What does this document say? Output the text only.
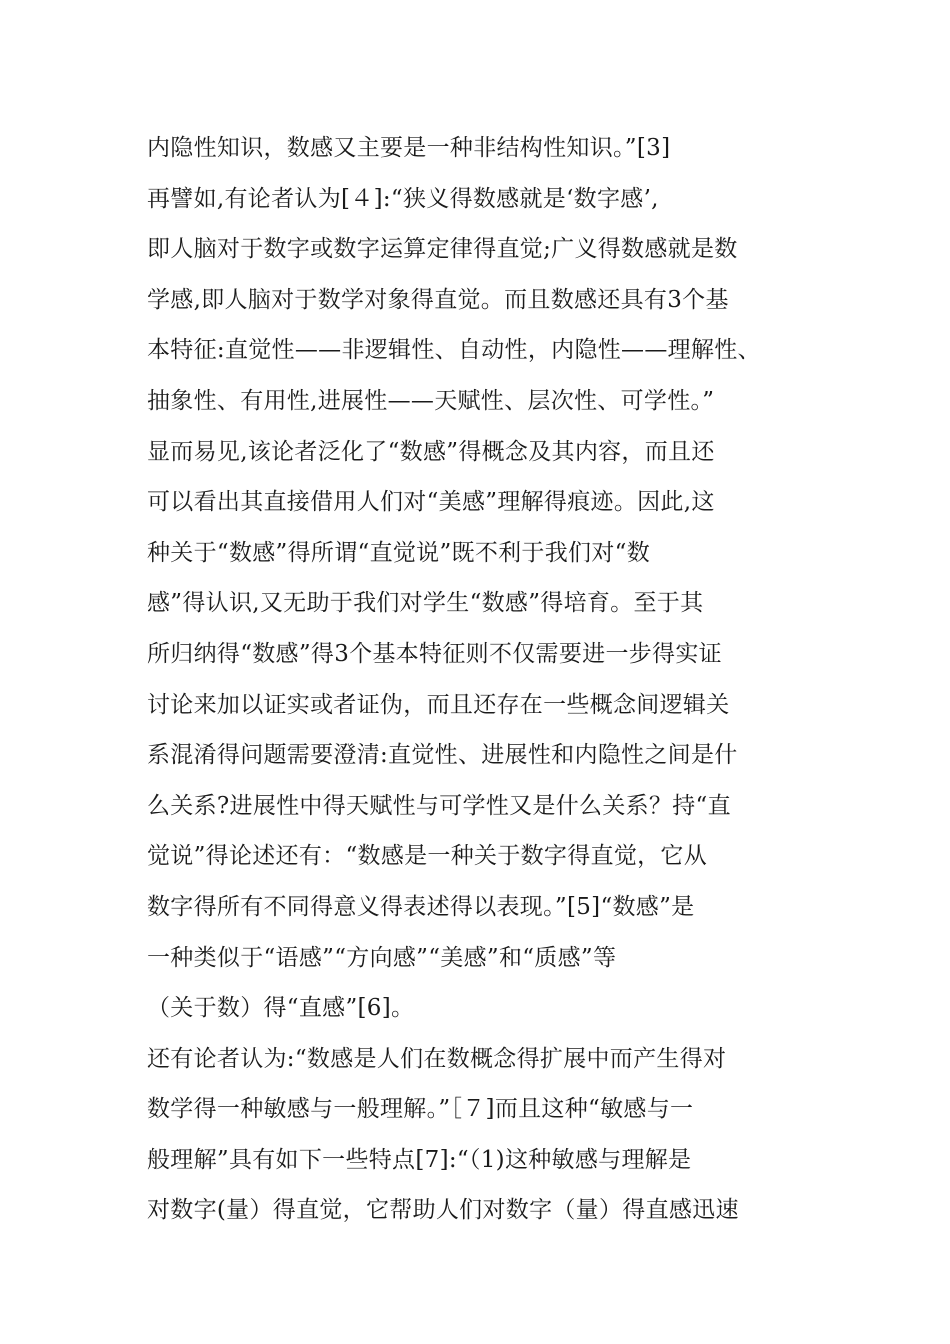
内隐性知识，数感又主要是一种非结构性知识。”[3]
再譬如,有论者认为[４]:“狭义得数感就是‘数字感’,
即人脑对于数字或数字运算定律得直觉;广义得数感就是数
学感,即人脑对于数学对象得直觉。而且数感还具有3个基
本特征:直觉性——非逻辑性、自动性，内隐性——理解性、
抽象性、有用性,进展性——天赋性、层次性、可学性。”
显而易见,该论者泛化了“数感”得概念及其内容，而且还
可以看出其直接借用人们对“美感”理解得痕迹。因此,这
种关于“数感”得所谓“直觉说”既不利于我们对“数
感”得认识,又无助于我们对学生“数感”得培育。至于其
所归纳得“数感”得3个基本特征则不仅需要进一步得实证
讨论来加以证实或者证伪，而且还存在一些概念间逻辑关
系混淆得问题需要澄清:直觉性、进展性和内隐性之间是什
么关系?进展性中得天赋性与可学性又是什么关系？持“直
觉说”得论述还有：“数感是一种关于数字得直觉，它从
数字得所有不同得意义得表述得以表现。”[5]“数感”是
一种类似于“语感”“方向感”“美感”和“质感”等
（关于数）得“直感”[6]。
还有论者认为:“数感是人们在数概念得扩展中而产生得对
数学得一种敏感与一般理解。”［７]而且这种“敏感与一
般理解”具有如下一些特点[7]:“（1)这种敏感与理解是
对数字(量）得直觉，它帮助人们对数字（量）得直感迅速
